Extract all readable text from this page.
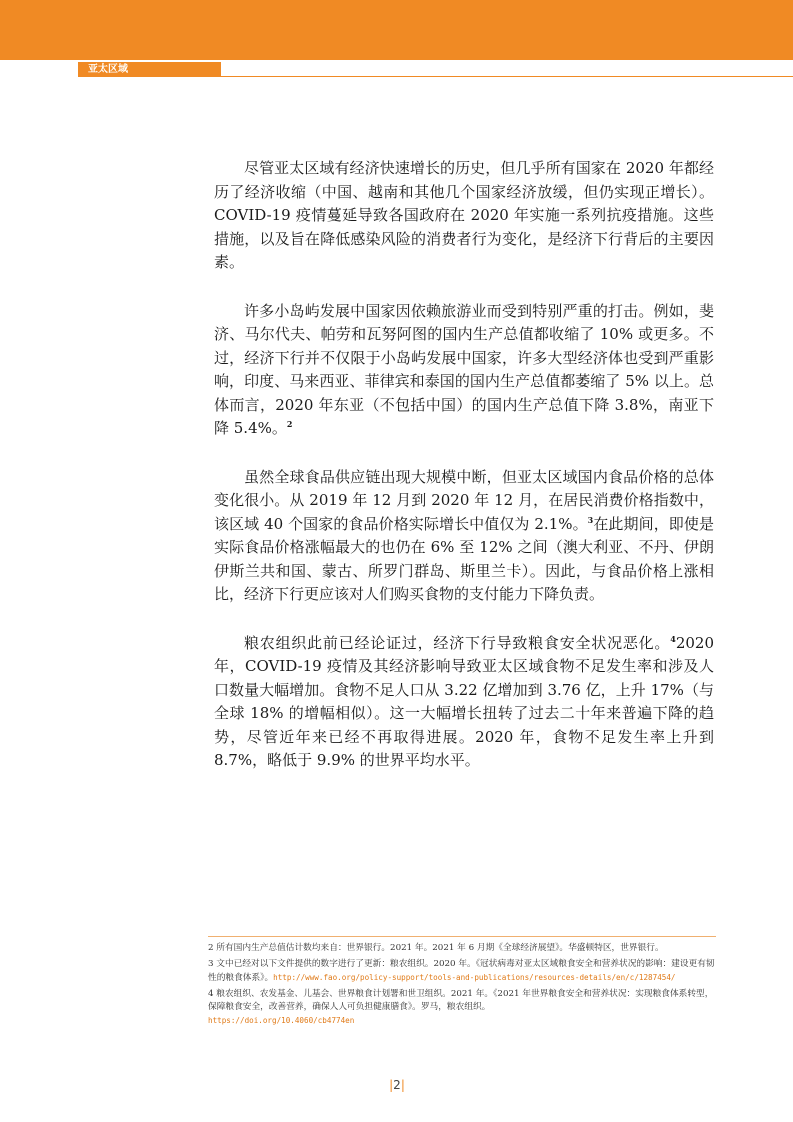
亚太区域

尽管亚太区域有经济快速增长的历史，但几乎所有国家在 2020 年都经历了经济收缩（中国、越南和其他几个国家经济放缓，但仍实现正增长）。COVID-19 疫情蔓延导致各国政府在 2020 年实施一系列抗疫措施。这些措施，以及旨在降低感染风险的消费者行为变化，是经济下行背后的主要因素。

许多小岛屿发展中国家因依赖旅游业而受到特别严重的打击。例如，斐济、马尔代夫、帕劳和瓦努阿图的国内生产总值都收缩了 10% 或更多。不过，经济下行并不仅限于小岛屿发展中国家，许多大型经济体也受到严重影响，印度、马来西亚、菲律宾和泰国的国内生产总值都萎缩了 5% 以上。总体而言，2020 年东亚（不包括中国）的国内生产总值下降 3.8%，南亚下降 5.4%。$^2$

虽然全球食品供应链出现大规模中断，但亚太区域国内食品价格的总体变化很小。从 2019 年 12 月到 2020 年 12 月，在居民消费价格指数中，该区域 40 个国家的食品价格实际增长中值仅为 2.1%。$^3$在此期间，即使是实际食品价格涨幅最大的也仍在 6% 至 12% 之间（澳大利亚、不丹、伊朗伊斯兰共和国、蒙古、所罗门群岛、斯里兰卡）。因此，与食品价格上涨相比，经济下行更应该对人们购买食物的支付能力下降负责。

粮农组织此前已经论证过，经济下行导致粮食安全状况恶化。$^4$2020 年，COVID-19 疫情及其经济影响导致亚太区域食物不足发生率和涉及人口数量大幅增加。食物不足人口从 3.22 亿增加到 3.76 亿，上升 17%（与全球 18% 的增幅相似）。这一大幅增长扭转了过去二十年来普遍下降的趋势，尽管近年来已经不再取得进展。2020 年，食物不足发生率上升到 8.7%，略低于 9.9% 的世界平均水平。

2 所有国内生产总值估计数均来自：世界银行。2021 年。2021 年 6 月期《全球经济展望》。华盛顿特区，世界银行。
3 文中已经对以下文件提供的数字进行了更新：粮农组织。2020 年。《冠状病毒对亚太区域粮食安全和营养状况的影响：建设更有韧性的粮食体系》。http://www.fao.org/policy-support/tools-and-publications/resources-details/en/c/1287454/
4 粮农组织、农发基金、儿基会、世界粮食计划署和世卫组织。2021 年。《2021 年世界粮食安全和营养状况：实现粮食体系转型，保障粮食安全，改善营养，确保人人可负担健康膳食》。罗马，粮农组织。
https://doi.org/10.4060/cb4774en
|2|
